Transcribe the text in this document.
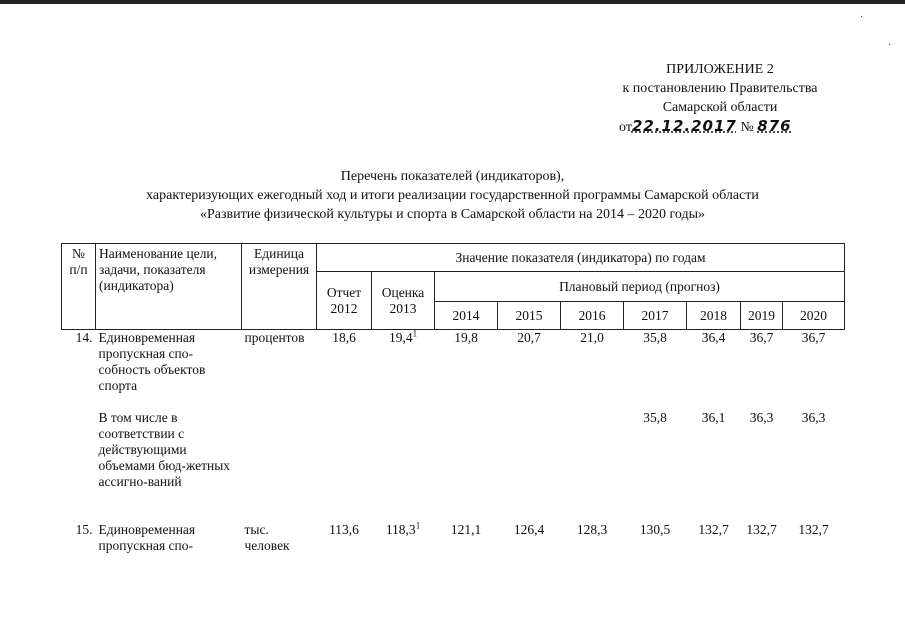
·
·
ПРИЛОЖЕНИЕ 2
к постановлению Правительства
Самарской области
от22.12.2017 № 876
Перечень показателей (индикаторов),
характеризующих ежегодный ход и итоги реализации государственной программы Самарской области
«Развитие физической культуры и спорта в Самарской области на 2014 – 2020 годы»
№ п/п	Наименование цели, задачи, показателя (индикатора)	Единица измерения	Значение показателя (индикатора) по годам								
			Отчет 2012	Оценка 2013	Плановый период (прогноз)						
					2014	2015	2016	2017	2018	2019	2020
14.	Единовременная пропускная спо-собность объектов спорта	процентов	18,6	19,4$^1$	19,8	20,7	21,0	35,8	36,4	36,7	36,7
	В том числе в соответствии с действующими объемами бюд-жетных ассигно-ваний							35,8	36,1	36,3	36,3
15.	Единовременная пропускная спо-	тыс. человек	113,6	118,3$^1$	121,1	126,4	128,3	130,5	132,7	132,7	132,7
